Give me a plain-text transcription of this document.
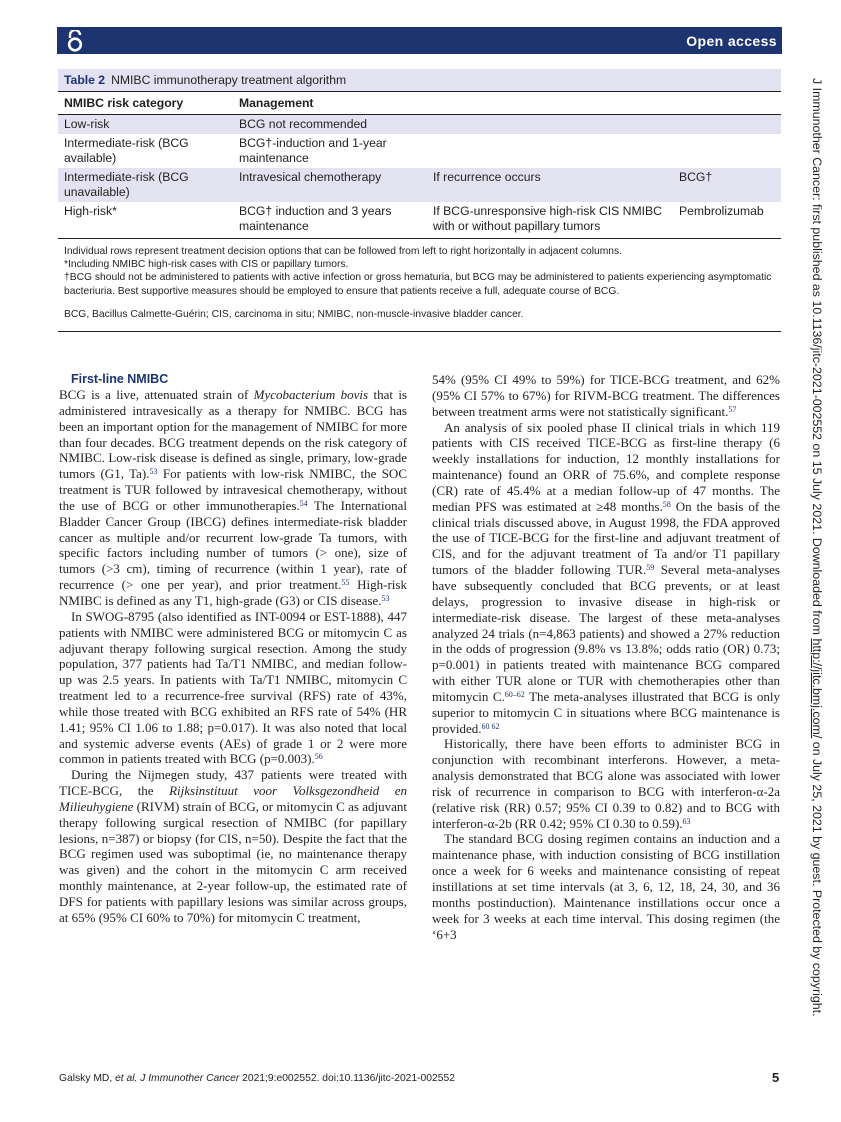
Open access
J Immunother Cancer: first published as 10.1136/jitc-2021-002552 on 15 July 2021. Downloaded from http://jitc.bmj.com/ on July 25, 2021 by guest. Protected by copyright.
Table 2 NMIBC immunotherapy treatment algorithm
NMIBC risk category	Management		
Low-risk	BCG not recommended		
Intermediate-risk (BCG available)	BCG†-induction and 1-year maintenance		
Intermediate-risk (BCG unavailable)	Intravesical chemotherapy	If recurrence occurs	BCG†
High-risk*	BCG† induction and 3 years maintenance	If BCG-unresponsive high-risk CIS NMIBC with or without papillary tumors	Pembrolizumab

Individual rows represent treatment decision options that can be followed from left to right horizontally in adjacent columns.

*Including NMIBC high-risk cases with CIS or papillary tumors.

†BCG should not be administered to patients with active infection or gross hematuria, but BCG may be administered to patients experiencing asymptomatic bacteriuria. Best supportive measures should be employed to ensure that patients receive a full, adequate course of BCG.

BCG, Bacillus Calmette-Guérin; CIS, carcinoma in situ; NMIBC, non-muscle-invasive bladder cancer.

First-line NMIBC

BCG is a live, attenuated strain of Mycobacterium bovis that is administered intravesically as a therapy for NMIBC. BCG has been an important option for the management of NMIBC for more than four decades. BCG treatment depends on the risk category of NMIBC. Low-risk disease is defined as single, primary, low-grade tumors (G1, Ta).$^{53}$ For patients with low-risk NMIBC, the SOC treatment is TUR followed by intravesical chemotherapy, without the use of BCG or other immunotherapies.$^{54}$ The International Bladder Cancer Group (IBCG) defines intermediate-risk bladder cancer as multiple and/or recurrent low-grade Ta tumors, with specific factors including number of tumors (> one), size of tumors (>3 cm), timing of recurrence (within 1 year), rate of recurrence (> one per year), and prior treatment.$^{55}$ High-risk NMIBC is defined as any T1, high-grade (G3) or CIS disease.$^{53}$

In SWOG-8795 (also identified as INT-0094 or EST-1888), 447 patients with NMIBC were administered BCG or mitomycin C as adjuvant therapy following surgical resection. Among the study population, 377 patients had Ta/T1 NMIBC, and median follow-up was 2.5 years. In patients with Ta/T1 NMIBC, mitomycin C treatment led to a recurrence-free survival (RFS) rate of 43%, while those treated with BCG exhibited an RFS rate of 54% (HR 1.41; 95% CI 1.06 to 1.88; p=0.017). It was also noted that local and systemic adverse events (AEs) of grade 1 or 2 were more common in patients treated with BCG (p=0.003).$^{56}$

During the Nijmegen study, 437 patients were treated with TICE-BCG, the Rijksinstituut voor Volksgezondheid en Milieuhygiene (RIVM) strain of BCG, or mitomycin C as adjuvant therapy following surgical resection of NMIBC (for papillary lesions, n=387) or biopsy (for CIS, n=50). Despite the fact that the BCG regimen used was suboptimal (ie, no maintenance therapy was given) and the cohort in the mitomycin C arm received monthly maintenance, at 2-year follow-up, the estimated rate of DFS for patients with papillary lesions was similar across groups, at 65% (95% CI 60% to 70%) for mitomycin C treatment,

54% (95% CI 49% to 59%) for TICE-BCG treatment, and 62% (95% CI 57% to 67%) for RIVM-BCG treatment. The differences between treatment arms were not statistically significant.$^{57}$

An analysis of six pooled phase II clinical trials in which 119 patients with CIS received TICE-BCG as first-line therapy (6 weekly installations for induction, 12 monthly installations for maintenance) found an ORR of 75.6%, and complete response (CR) rate of 45.4% at a median follow-up of 47 months. The median PFS was estimated at ≥48 months.$^{58}$ On the basis of the clinical trials discussed above, in August 1998, the FDA approved the use of TICE-BCG for the first-line and adjuvant treatment of CIS, and for the adjuvant treatment of Ta and/or T1 papillary tumors of the bladder following TUR.$^{59}$ Several meta-analyses have subsequently concluded that BCG prevents, or at least delays, progression to invasive disease in high-risk or intermediate-risk disease. The largest of these meta-analyses analyzed 24 trials (n=4,863 patients) and showed a 27% reduction in the odds of progression (9.8% vs 13.8%; odds ratio (OR) 0.73; p=0.001) in patients treated with maintenance BCG compared with either TUR alone or TUR with chemotherapies other than mitomycin C.$^{60-62}$ The meta-analyses illustrated that BCG is only superior to mitomycin C in situations where BCG maintenance is provided.$^{60 62}$

Historically, there have been efforts to administer BCG in conjunction with recombinant interferons. However, a meta-analysis demonstrated that BCG alone was associated with lower risk of recurrence in comparison to BCG with interferon-α-2a (relative risk (RR) 0.57; 95% CI 0.39 to 0.82) and to BCG with interferon-α-2b (RR 0.42; 95% CI 0.30 to 0.59).$^{63}$

The standard BCG dosing regimen contains an induction and a maintenance phase, with induction consisting of BCG instillation once a week for 6 weeks and maintenance consisting of repeat instillations at set time intervals (at 3, 6, 12, 18, 24, 30, and 36 months postinduction). Maintenance instillations occur once a week for 3 weeks at each time interval. This dosing regimen (the ‘6+3

Galsky MD, et al. J Immunother Cancer 2021;9:e002552. doi:10.1136/jitc-2021-002552	5
